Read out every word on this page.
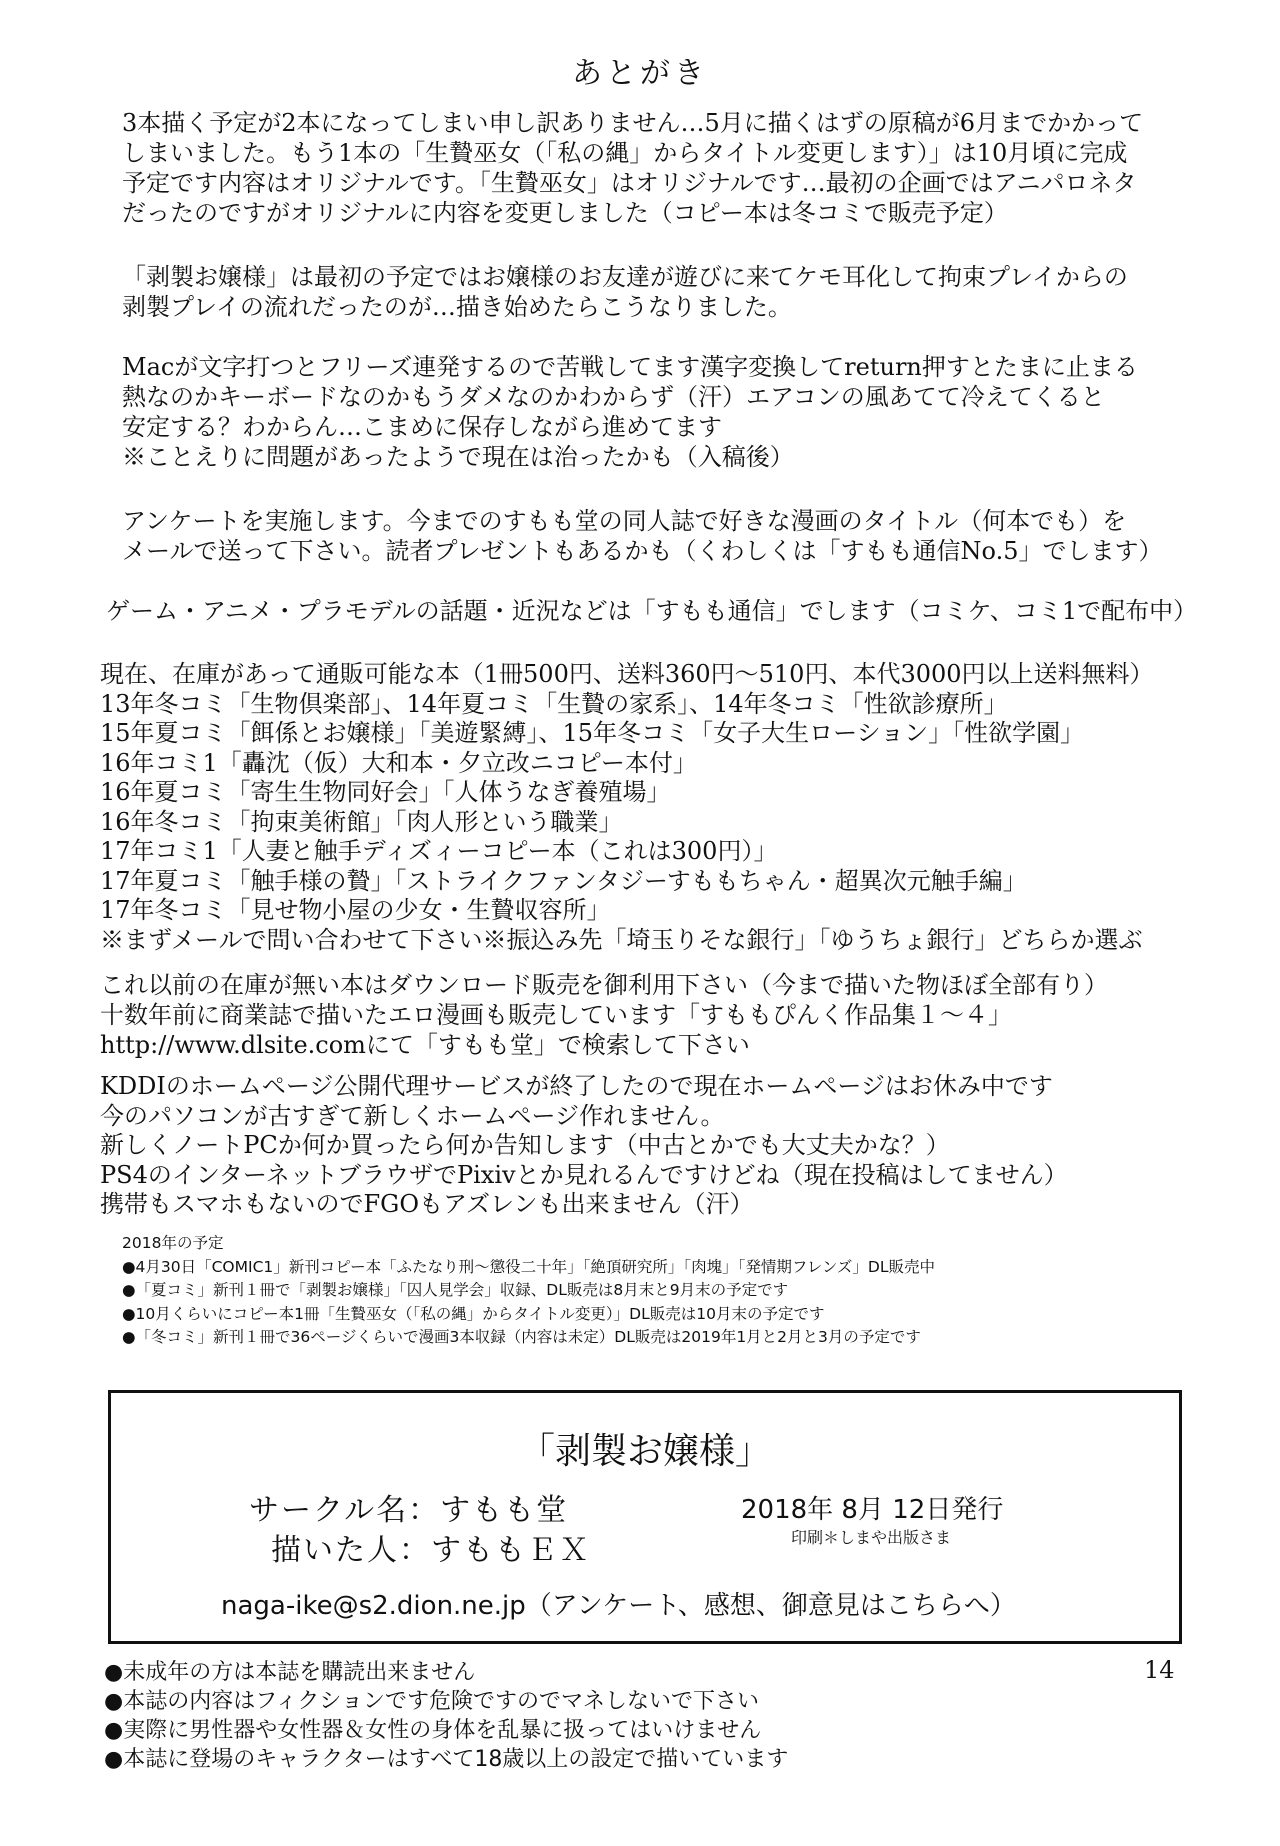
あとがき
3本描く予定が2本になってしまい申し訳ありません…5月に描くはずの原稿が6月までかかって
しまいました。もう1本の「生贄巫女（「私の縄」からタイトル変更します）」は10月頃に完成
予定です内容はオリジナルです。「生贄巫女」はオリジナルです…最初の企画ではアニパロネタ
だったのですがオリジナルに内容を変更しました（コピー本は冬コミで販売予定）
「剥製お嬢様」は最初の予定ではお嬢様のお友達が遊びに来てケモ耳化して拘束プレイからの
剥製プレイの流れだったのが…描き始めたらこうなりました。
Macが文字打つとフリーズ連発するので苦戦してます漢字変換してreturn押すとたまに止まる
熱なのかキーボードなのかもうダメなのかわからず（汗）エアコンの風あてて冷えてくると
安定する？わからん…こまめに保存しながら進めてます
※ことえりに問題があったようで現在は治ったかも（入稿後）
アンケートを実施します。今までのすもも堂の同人誌で好きな漫画のタイトル（何本でも）を
メールで送って下さい。読者プレゼントもあるかも（くわしくは「すもも通信No.5」でします）
ゲーム・アニメ・プラモデルの話題・近況などは「すもも通信」でします（コミケ、コミ1で配布中）
現在、在庫があって通販可能な本（1冊500円、送料360円～510円、本代3000円以上送料無料）
13年冬コミ「生物倶楽部」、14年夏コミ「生贄の家系」、14年冬コミ「性欲診療所」
15年夏コミ「餌係とお嬢様」「美遊緊縛」、15年冬コミ「女子大生ローション」「性欲学園」
16年コミ1「轟沈（仮）大和本・夕立改ニコピー本付」
16年夏コミ「寄生生物同好会」「人体うなぎ養殖場」
16年冬コミ「拘束美術館」「肉人形という職業」
17年コミ1「人妻と触手ディズィーコピー本（これは300円）」
17年夏コミ「触手様の贄」「ストライクファンタジーすももちゃん・超異次元触手編」
17年冬コミ「見せ物小屋の少女・生贄収容所」
※まずメールで問い合わせて下さい※振込み先「埼玉りそな銀行」「ゆうちょ銀行」どちらか選ぶ
これ以前の在庫が無い本はダウンロード販売を御利用下さい（今まで描いた物ほぼ全部有り）
十数年前に商業誌で描いたエロ漫画も販売しています「すももぴんく作品集１～４」
http://www.dlsite.comにて「すもも堂」で検索して下さい
KDDIのホームページ公開代理サービスが終了したので現在ホームページはお休み中です
今のパソコンが古すぎて新しくホームページ作れません。
新しくノートPCか何か買ったら何か告知します（中古とかでも大丈夫かな？）
PS4のインターネットブラウザでPixivとか見れるんですけどね（現在投稿はしてません）
携帯もスマホもないのでFGOもアズレンも出来ません（汗）
2018年の予定
●4月30日「COMIC1」新刊コピー本「ふたなり刑～懲役二十年」「絶頂研究所」「肉塊」「発情期フレンズ」DL販売中
●「夏コミ」新刊１冊で「剥製お嬢様」「囚人見学会」収録、DL販売は8月末と9月末の予定です
●10月くらいにコピー本1冊「生贄巫女（「私の縄」からタイトル変更）」DL販売は10月末の予定です
●「冬コミ」新刊１冊で36ページくらいで漫画3本収録（内容は未定）DL販売は2019年1月と2月と3月の予定です
「剥製お嬢様」
サークル名：すもも堂
描いた人：すももＥＸ
2018年 8月 12日発行
印刷＊しまや出版さま
naga-ike@s2.dion.ne.jp（アンケート、感想、御意見はこちらへ）
14
●未成年の方は本誌を購読出来ません
●本誌の内容はフィクションです危険ですのでマネしないで下さい
●実際に男性器や女性器＆女性の身体を乱暴に扱ってはいけません
●本誌に登場のキャラクターはすべて18歳以上の設定で描いています
